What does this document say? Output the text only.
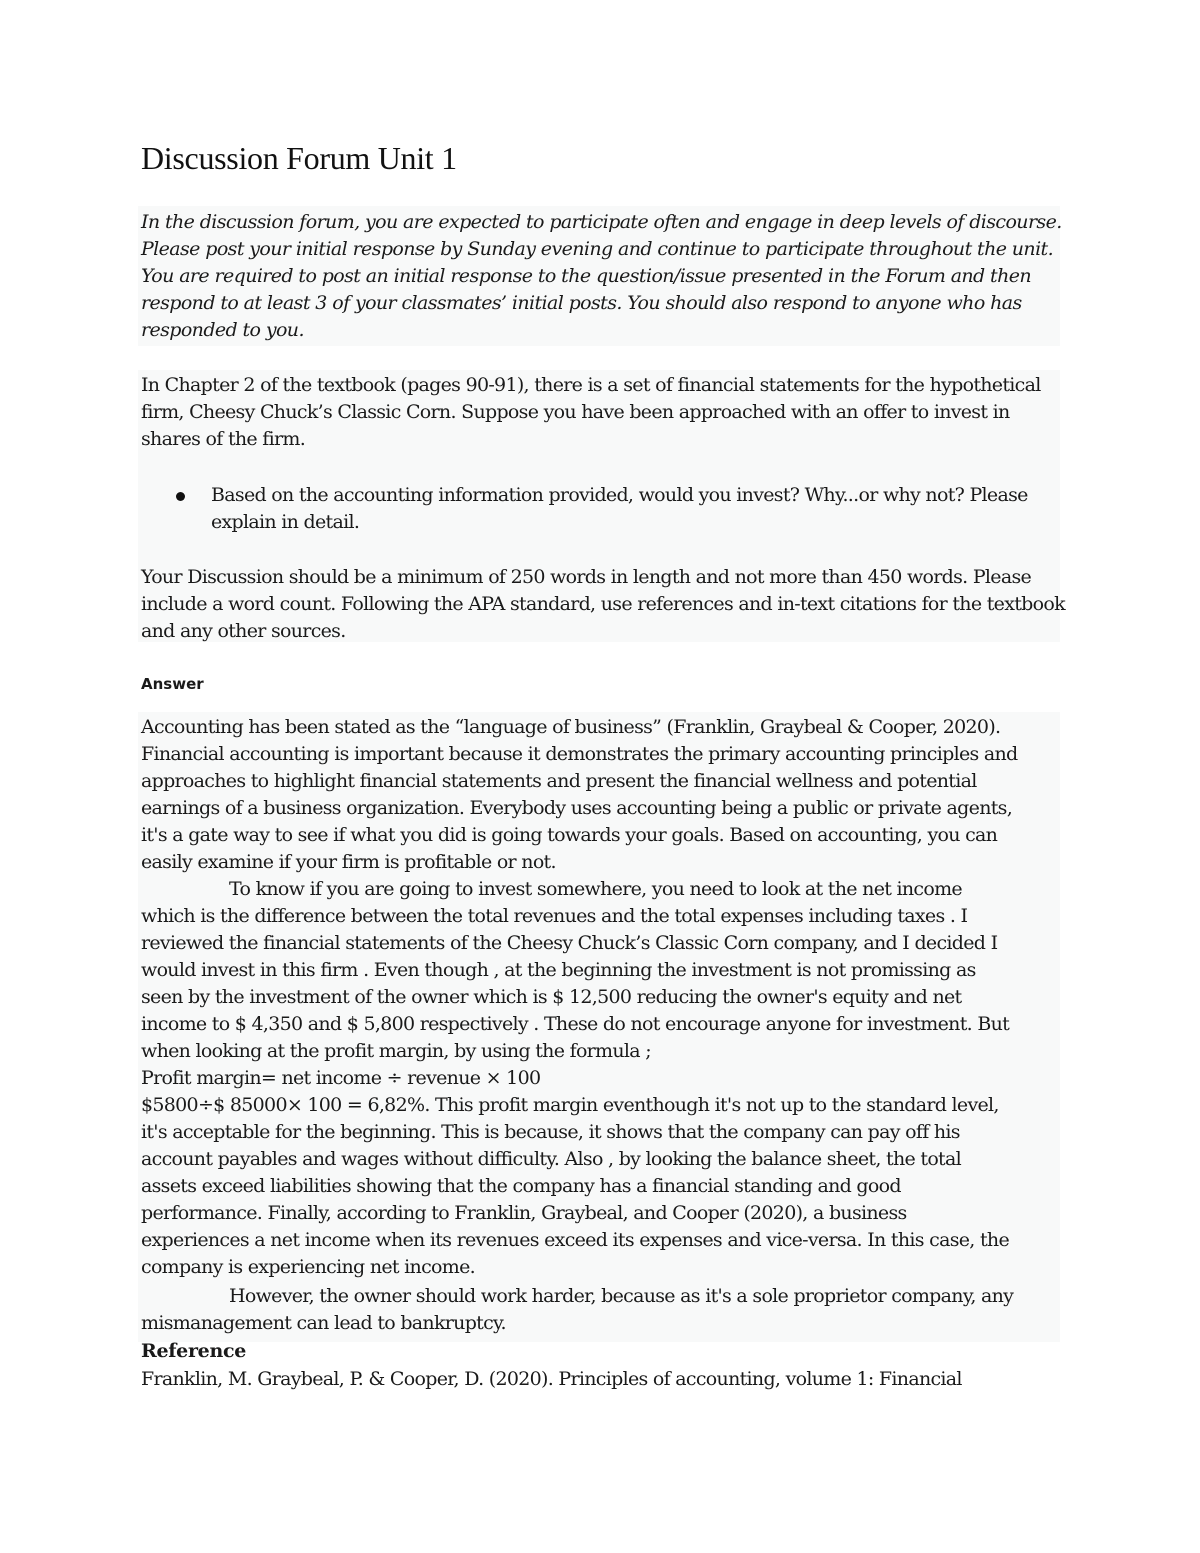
Discussion Forum Unit 1

In the discussion forum, you are expected to participate often and engage in deep levels of discourse. Please post your initial response by Sunday evening and continue to participate throughout the unit. You are required to post an initial response to the question/issue presented in the Forum and then respond to at least 3 of your classmates’ initial posts. You should also respond to anyone who has responded to you.

In Chapter 2 of the textbook (pages 90-91), there is a set of financial statements for the hypothetical firm, Cheesy Chuck’s Classic Corn. Suppose you have been approached with an offer to invest in shares of the firm.

Based on the accounting information provided, would you invest? Why...or why not? Please explain in detail.

Your Discussion should be a minimum of 250 words in length and not more than 450 words. Please include a word count. Following the APA standard, use references and in-text citations for the textbook and any other sources.

Answer

Accounting has been stated as the “language of business” (Franklin, Graybeal & Cooper, 2020).

Financial accounting is important because it demonstrates the primary accounting principles and

approaches to highlight financial statements and present the financial wellness and potential

earnings of a business organization. Everybody uses accounting being a public or private agents,

it's a gate way to see if what you did is going towards your goals. Based on accounting, you can

easily examine if your firm is profitable or not.

To know if you are going to invest somewhere, you need to look at the net income

which is the difference between the total revenues and the total expenses including taxes . I

reviewed the financial statements of the Cheesy Chuck’s Classic Corn company, and I decided I

would invest in this firm . Even though , at the beginning the investment is not promissing as

seen by the investment of the owner which is $ 12,500 reducing the owner's equity and net

income to $ 4,350 and $ 5,800 respectively . These do not encourage anyone for investment. But

when looking at the profit margin, by using the formula ;

Profit margin= net income ÷ revenue × 100

$5800÷$ 85000× 100 = 6,82%. This profit margin eventhough it's not up to the standard level,

it's acceptable for the beginning. This is because, it shows that the company can pay off his

account payables and wages without difficulty. Also , by looking the balance sheet, the total

assets exceed liabilities showing that the company has a financial standing and good

performance. Finally, according to Franklin, Graybeal, and Cooper (2020), a business

experiences a net income when its revenues exceed its expenses and vice-versa. In this case, the

company is experiencing net income.

However, the owner should work harder, because as it's a sole proprietor company, any

mismanagement can lead to bankruptcy.

Reference

Franklin, M. Graybeal, P. & Cooper, D. (2020). Principles of accounting, volume 1: Financial
